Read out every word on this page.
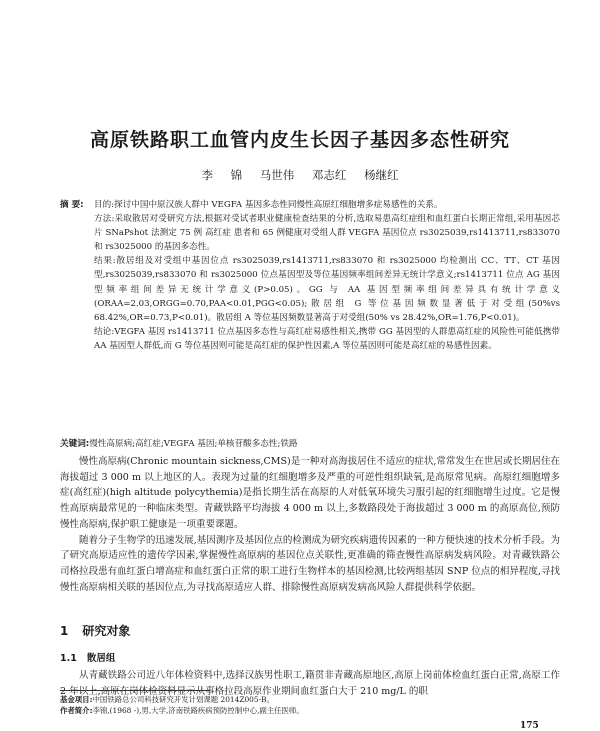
高原铁路职工血管内皮生长因子基因多态性研究
李 锦 马世伟 邓志红 杨继红
摘 要: 目的:探讨中国中原汉族人群中 VEGFA 基因多态性同慢性高原红细胞增多症易感性的关系。

方法:采取散居对受研究方法,根据对受试者职业健康检查结果的分析,选取易患高红症组和血红蛋白长期正常组,采用基因芯片 SNaPshot 法测定 75 例 高红症 患者和 65 例健康对受组人群 VEGFA 基因位点 rs3025039,rs1413711,rs833070 和 rs3025000 的基因多态性。

结果:散居组及对受组中基因位点 rs3025039,rs1413711,rs833070 和 rs3025000 均检测出 CC、TT、CT 基因型,rs3025039,rs833070 和 rs3025000 位点基因型及等位基因频率组间差异无统计学意义;rs1413711 位点 AG 基因型频率组间差异无统计学意义(P>0.05)。GG 与 AA 基因型频率组间差异具有统计学意义(ORAA=2.03,ORGG=0.70,PAA<0.01,PGG<0.05);散居组 G 等位基因频数显著低于对受组(50%vs 68.42%,OR=0.73,P<0.01)。散居组 A 等位基因频数显著高于对受组(50% vs 28.42%,OR=1.76,P<0.01)。

结论:VEGFA 基因 rs1413711 位点基因多态性与高红症易感性相关,携带 GG 基因型的人群患高红症的风险性可能低携带 AA 基因型人群低,而 G 等位基因则可能是高红症的保护性因素,A 等位基因则可能是高红症的易感性因素。

关键词:慢性高原病;高红症;VEGFA 基因;单核苷酸多态性;铁路

慢性高原病(Chronic mountain sickness,CMS)是一种对高海拔居住不适应的症状,常常发生在世居或长期居住在海拔超过 3 000 m 以上地区的人。表现为过量的红细胞增多及严重的可逆性组织缺氧,是高原常见病。高原红细胞增多症(高红症)(high altitude polycythemia)是指长期生活在高原的人对低氧环境失习服引起的红细胞增生过度。它是慢性高原病最常见的一种临床类型。青藏铁路平均海拔 4 000 m 以上,多数路段处于海拔超过 3 000 m 的高原高位,预防慢性高原病,保护职工健康是一项重要课题。

随着分子生物学的迅速发展,基因测序及基因位点的检测成为研究疾病遗传因素的一种方便快速的技术分析手段。为了研究高原适应性的遗传学因素,掌握慢性高原病的基因位点关联性,更准确的筛查慢性高原病发病风险。对青藏铁路公司格拉段患有血红蛋白增高症和血红蛋白正常的职工进行生物样本的基因检测,比较两组基因 SNP 位点的相异程度,寻找慢性高原病相关联的基因位点,为寻找高原适应人群、排除慢性高原病发病高风险人群提供科学依据。

1 研究对象
1.1 散居组

从青藏铁路公司近八年体检资料中,选择汉族男性职工,籍贯非青藏高原地区,高原上岗前体检血红蛋白正常,高原工作 2 年以上,高原在岗体检资料显示从事格拉段高原作业期间血红蛋白大于 210 mg/L 的职

基金项目:中国铁路总公司科技研究开发计划课题 2014Z005-B。
作者简介:李锦,(1968 -),男,大学,济南铁路疾病预防控制中心,副主任医师。
175
